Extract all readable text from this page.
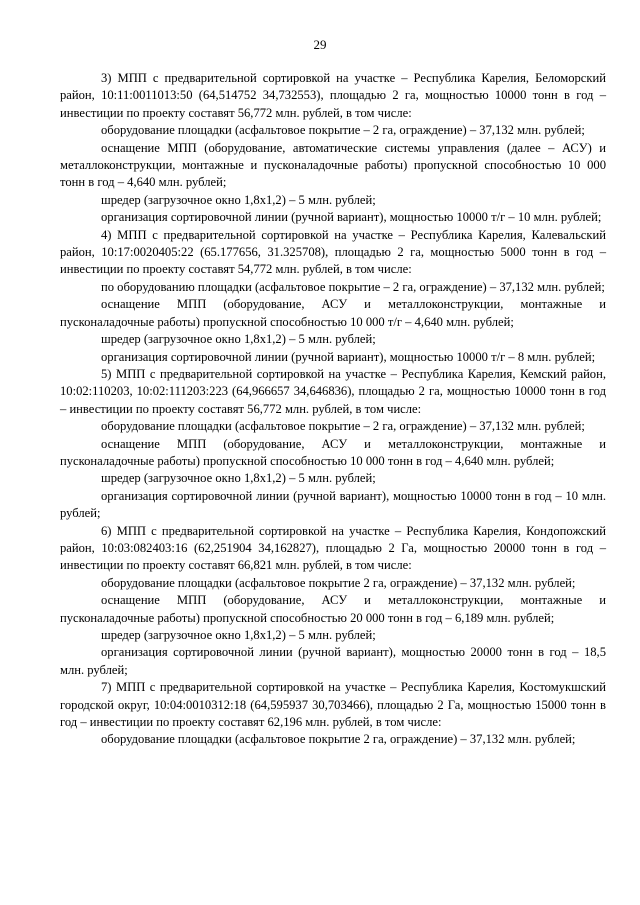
29

3) МПП с предварительной сортировкой на участке – Республика Карелия, Беломорский район, 10:11:0011013:50 (64,514752 34,732553), площадью 2 га, мощностью 10000 тонн в год – инвестиции по проекту составят 56,772 млн. рублей, в том числе:

оборудование площадки (асфальтовое покрытие – 2 га, ограждение) – 37,132 млн. рублей;

оснащение МПП (оборудование, автоматические системы управления (далее – АСУ) и металлоконструкции, монтажные и пусконаладочные работы) пропускной способностью 10 000 тонн в год – 4,640 млн. рублей;

шредер (загрузочное окно 1,8х1,2) – 5 млн. рублей;

организация сортировочной линии (ручной вариант), мощностью 10000 т/г – 10 млн. рублей;

4) МПП с предварительной сортировкой на участке – Республика Карелия, Калевальский район, 10:17:0020405:22 (65.177656, 31.325708), площадью 2 га, мощностью 5000 тонн в год – инвестиции по проекту составят 54,772 млн. рублей, в том числе:

по оборудованию площадки (асфальтовое покрытие – 2 га, ограждение) – 37,132 млн. рублей;

оснащение МПП (оборудование, АСУ и металлоконструкции, монтажные и пусконаладочные работы) пропускной способностью 10 000 т/г – 4,640 млн. рублей;

шредер (загрузочное окно 1,8х1,2) – 5 млн. рублей;

организация сортировочной линии (ручной вариант), мощностью 10000 т/г – 8 млн. рублей;

5) МПП с предварительной сортировкой на участке – Республика Карелия, Кемский район, 10:02:110203, 10:02:111203:223 (64,966657 34,646836), площадью 2 га, мощностью 10000 тонн в год – инвестиции по проекту составят 56,772 млн. рублей, в том числе:

оборудование площадки (асфальтовое покрытие – 2 га, ограждение) – 37,132 млн. рублей;

оснащение МПП (оборудование, АСУ и металлоконструкции, монтажные и пусконаладочные работы) пропускной способностью 10 000 тонн в год – 4,640 млн. рублей;

шредер (загрузочное окно 1,8х1,2) – 5 млн. рублей;

организация сортировочной линии (ручной вариант), мощностью 10000 тонн в год – 10 млн. рублей;

6) МПП с предварительной сортировкой на участке – Республика Карелия, Кондопожский район, 10:03:082403:16 (62,251904 34,162827), площадью 2 Га, мощностью 20000 тонн в год – инвестиции по проекту составят 66,821 млн. рублей, в том числе:

оборудование площадки (асфальтовое покрытие 2 га, ограждение) – 37,132 млн. рублей;

оснащение МПП (оборудование, АСУ и металлоконструкции, монтажные и пусконаладочные работы) пропускной способностью 20 000 тонн в год – 6,189 млн. рублей;

шредер (загрузочное окно 1,8х1,2) – 5 млн. рублей;

организация сортировочной линии (ручной вариант), мощностью 20000 тонн в год – 18,5 млн. рублей;

7) МПП с предварительной сортировкой на участке – Республика Карелия, Костомукшский городской округ, 10:04:0010312:18 (64,595937 30,703466), площадью 2 Га, мощностью 15000 тонн в год – инвестиции по проекту составят 62,196 млн. рублей, в том числе:

оборудование площадки (асфальтовое покрытие 2 га, ограждение) – 37,132 млн. рублей;
